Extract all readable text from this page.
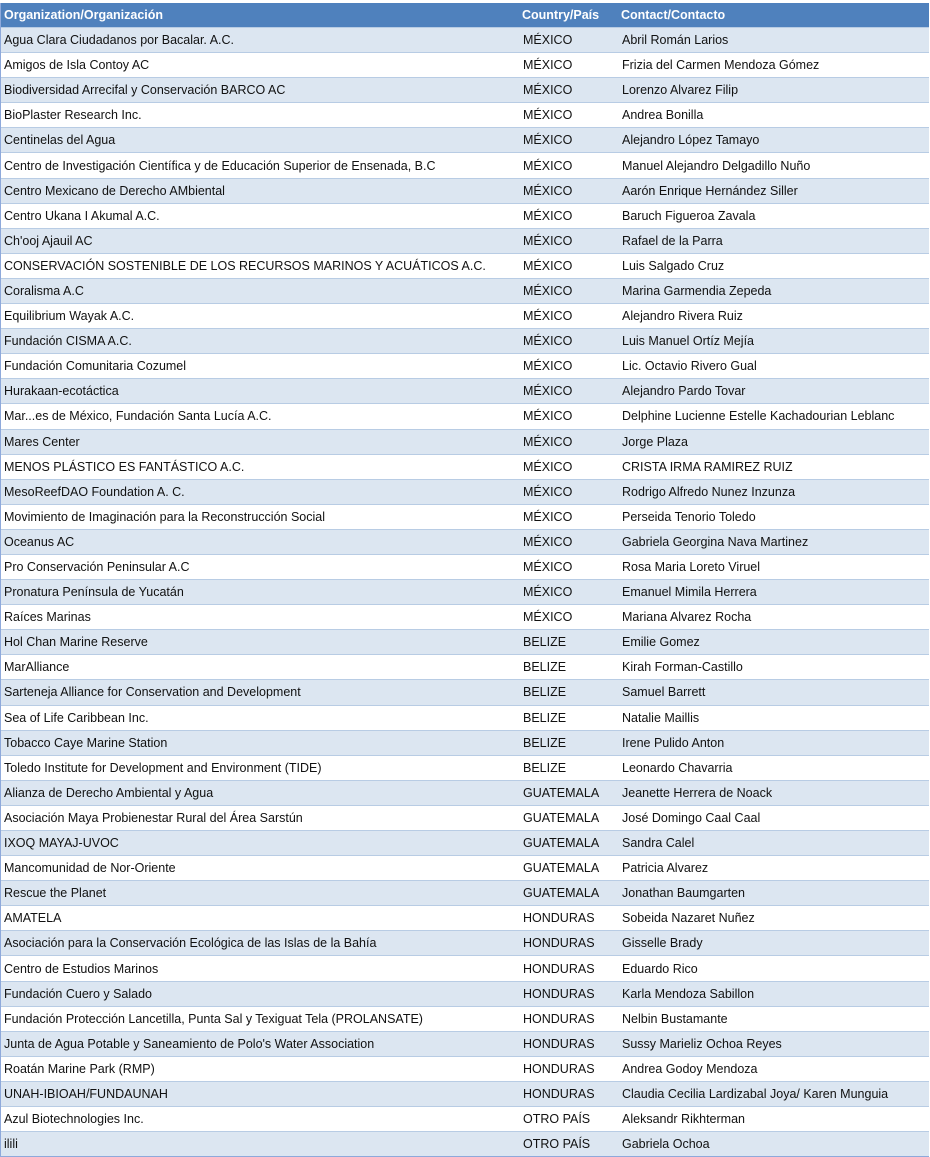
Organization/Organización	Country/País	Contact/Contacto
Agua Clara Ciudadanos por Bacalar. A.C.	MÉXICO	Abril Román Larios
Amigos de Isla Contoy AC	MÉXICO	Frizia del Carmen Mendoza Gómez
Biodiversidad Arrecifal y Conservación BARCO AC	MÉXICO	Lorenzo Alvarez Filip
BioPlaster Research Inc.	MÉXICO	Andrea Bonilla
Centinelas del Agua	MÉXICO	Alejandro López Tamayo
Centro de Investigación Científica y de Educación Superior de Ensenada, B.C	MÉXICO	Manuel Alejandro Delgadillo Nuño
Centro Mexicano de Derecho AMbiental	MÉXICO	Aarón Enrique Hernández Siller
Centro Ukana I Akumal A.C.	MÉXICO	Baruch Figueroa Zavala
Ch'ooj Ajauil AC	MÉXICO	Rafael de la Parra
CONSERVACIÓN SOSTENIBLE DE LOS RECURSOS MARINOS Y ACUÁTICOS A.C.	MÉXICO	Luis Salgado Cruz
Coralisma A.C	MÉXICO	Marina Garmendia Zepeda
Equilibrium Wayak A.C.	MÉXICO	Alejandro Rivera Ruiz
Fundación CISMA A.C.	MÉXICO	Luis Manuel Ortíz Mejía
Fundación Comunitaria Cozumel	MÉXICO	Lic. Octavio Rivero Gual
Hurakaan-ecotáctica	MÉXICO	Alejandro Pardo Tovar
Mar...es de México, Fundación Santa Lucía A.C.	MÉXICO	Delphine Lucienne Estelle Kachadourian Leblanc
Mares Center	MÉXICO	Jorge Plaza
MENOS PLÁSTICO ES FANTÁSTICO A.C.	MÉXICO	CRISTA IRMA RAMIREZ RUIZ
MesoReefDAO Foundation A. C.	MÉXICO	Rodrigo Alfredo Nunez Inzunza
Movimiento de Imaginación para la Reconstrucción Social	MÉXICO	Perseida Tenorio Toledo
Oceanus AC	MÉXICO	Gabriela Georgina Nava Martinez
Pro Conservación Peninsular A.C	MÉXICO	Rosa Maria Loreto Viruel
Pronatura Península de Yucatán	MÉXICO	Emanuel Mimila Herrera
Raíces Marinas	MÉXICO	Mariana Alvarez Rocha
Hol Chan Marine Reserve	BELIZE	Emilie Gomez
MarAlliance	BELIZE	Kirah Forman-Castillo
Sarteneja Alliance for Conservation and Development	BELIZE	Samuel Barrett
Sea of Life Caribbean Inc.	BELIZE	Natalie Maillis
Tobacco Caye Marine Station	BELIZE	Irene Pulido Anton
Toledo Institute for Development and Environment (TIDE)	BELIZE	Leonardo Chavarria
Alianza de Derecho Ambiental y Agua	GUATEMALA	Jeanette Herrera de Noack
Asociación Maya Probienestar Rural del Área Sarstún	GUATEMALA	José Domingo Caal Caal
IXOQ MAYAJ-UVOC	GUATEMALA	Sandra Calel
Mancomunidad de Nor-Oriente	GUATEMALA	Patricia Alvarez
Rescue the Planet	GUATEMALA	Jonathan Baumgarten
AMATELA	HONDURAS	Sobeida Nazaret Nuñez
Asociación para la Conservación Ecológica de las Islas de la Bahía	HONDURAS	Gisselle Brady
Centro de Estudios Marinos	HONDURAS	Eduardo Rico
Fundación Cuero y Salado	HONDURAS	Karla Mendoza Sabillon
Fundación Protección Lancetilla, Punta Sal y Texiguat Tela (PROLANSATE)	HONDURAS	Nelbin Bustamante
Junta de Agua Potable y Saneamiento de Polo's Water Association	HONDURAS	Sussy Marieliz Ochoa Reyes
Roatán Marine Park (RMP)	HONDURAS	Andrea Godoy Mendoza
UNAH-IBIOAH/FUNDAUNAH	HONDURAS	Claudia Cecilia Lardizabal Joya/ Karen Munguia
Azul Biotechnologies Inc.	OTRO PAÍS	Aleksandr Rikhterman
ilili	OTRO PAÍS	Gabriela Ochoa
